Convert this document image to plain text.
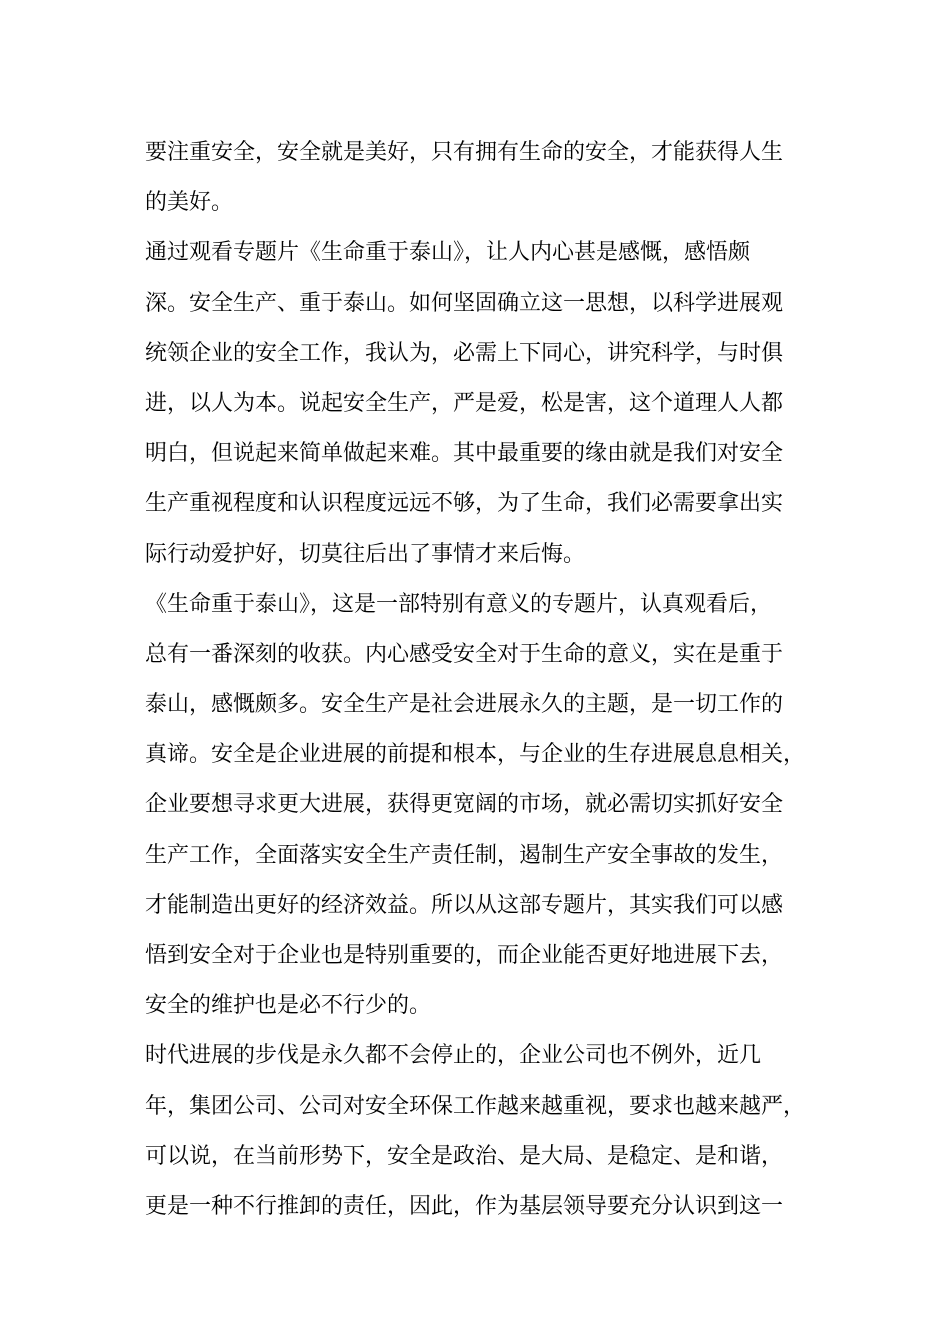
要注重安全，安全就是美好，只有拥有生命的安全，才能获得人生
的美好。

通过观看专题片《生命重于泰山》，让人内心甚是感慨，感悟颇
深。安全生产、重于泰山。如何坚固确立这一思想，以科学进展观
统领企业的安全工作，我认为，必需上下同心，讲究科学，与时俱
进，以人为本。说起安全生产，严是爱，松是害，这个道理人人都
明白，但说起来简单做起来难。其中最重要的缘由就是我们对安全
生产重视程度和认识程度远远不够，为了生命，我们必需要拿出实
际行动爱护好，切莫往后出了事情才来后悔。

《生命重于泰山》，这是一部特别有意义的专题片，认真观看后，
总有一番深刻的收获。内心感受安全对于生命的意义，实在是重于
泰山，感慨颇多。安全生产是社会进展永久的主题，是一切工作的
真谛。安全是企业进展的前提和根本，与企业的生存进展息息相关，
企业要想寻求更大进展，获得更宽阔的市场，就必需切实抓好安全
生产工作，全面落实安全生产责任制，遏制生产安全事故的发生，
才能制造出更好的经济效益。所以从这部专题片，其实我们可以感
悟到安全对于企业也是特别重要的，而企业能否更好地进展下去，
安全的维护也是必不行少的。

时代进展的步伐是永久都不会停止的，企业公司也不例外，近几
年，集团公司、公司对安全环保工作越来越重视，要求也越来越严，
可以说，在当前形势下，安全是政治、是大局、是稳定、是和谐，
更是一种不行推卸的责任，因此，作为基层领导要充分认识到这一
